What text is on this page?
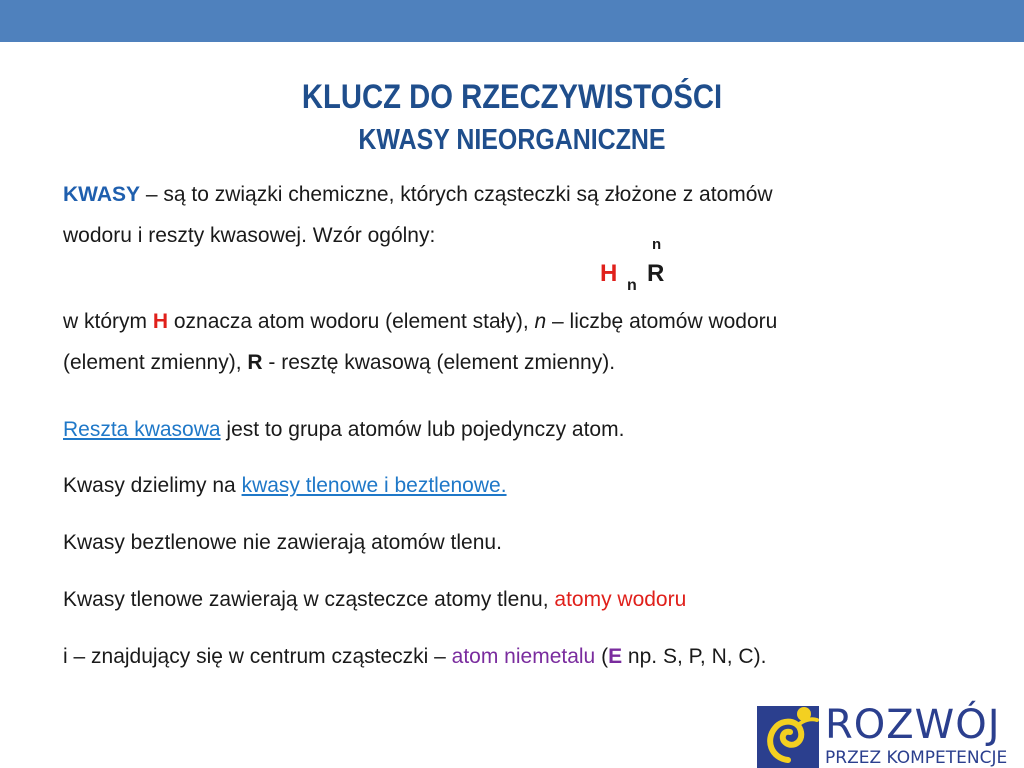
KLUCZ DO RZECZYWISTOŚCI
KWASY NIEORGANICZNE
KWASY – są to związki chemiczne, których cząsteczki są złożone z atomów
wodoru i reszty kwasowej. Wzór ogólny:	n
H n R
w którym H oznacza atom wodoru (element stały), n – liczbę atomów wodoru
(element zmienny), R - resztę kwasową (element zmienny).
Reszta kwasowa jest to grupa atomów lub pojedynczy atom.
Kwasy dzielimy na kwasy tlenowe i beztlenowe.
Kwasy beztlenowe nie zawierają atomów tlenu.
Kwasy tlenowe zawierają w cząsteczce atomy tlenu, atomy wodoru
i – znajdujący się w centrum cząsteczki – atom niemetalu (E np. S, P, N, C).
ROZWÓJ
PRZEZ KOMPETENCJE
